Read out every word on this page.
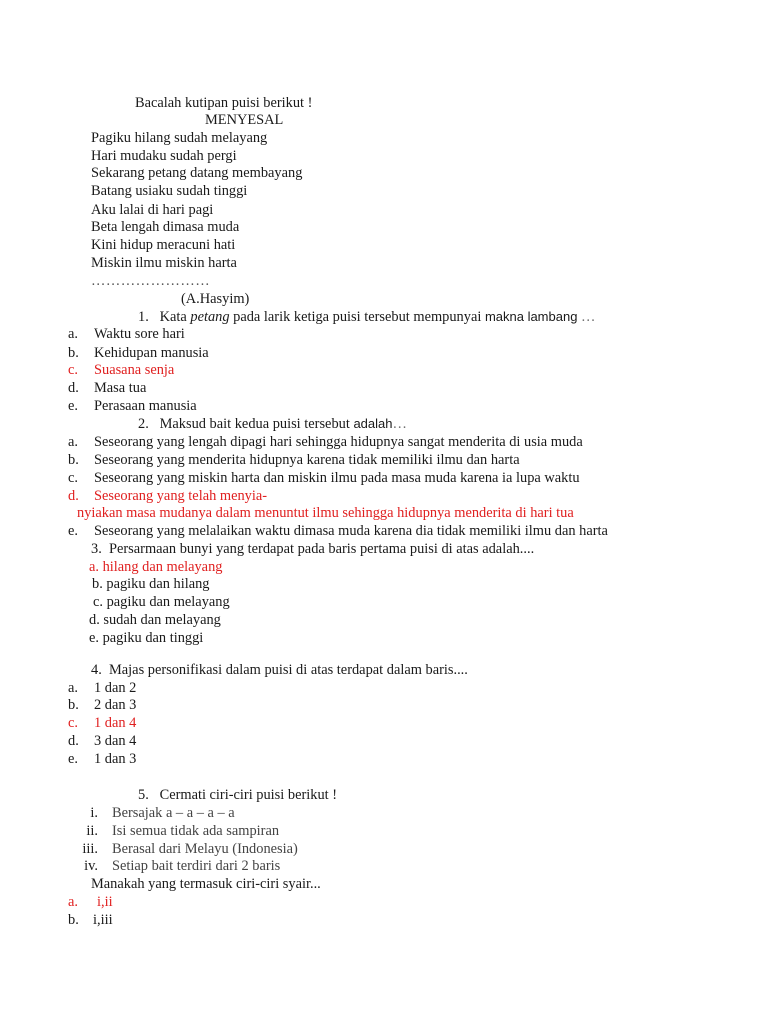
Bacalah kutipan puisi berikut !
MENYESAL
Pagiku hilang sudah melayang
Hari mudaku sudah pergi
Sekarang petang datang membayang
Batang usiaku sudah tinggi
Aku lalai di hari pagi
Beta lengah dimasa muda
Kini hidup meracuni hati
Miskin ilmu miskin harta
……………………
(A.Hasyim)
1. Kata petang pada larik ketiga puisi tersebut mempunyai makna lambang …
a. Waktu sore hari
b. Kehidupan manusia
c. Suasana senja
d. Masa tua
e. Perasaan manusia
2. Maksud bait kedua puisi tersebut adalah…
a. Seseorang yang lengah dipagi hari sehingga hidupnya sangat menderita di usia muda
b. Seseorang yang menderita hidupnya karena tidak memiliki ilmu dan harta
c. Seseorang yang miskin harta dan miskin ilmu pada masa muda karena ia lupa waktu
d. Seseorang yang telah menyia-
nyiakan masa mudanya dalam menuntut ilmu sehingga hidupnya menderita di hari tua
e. Seseorang yang melalaikan waktu dimasa muda karena dia tidak memiliki ilmu dan harta
3. Persarmaan bunyi yang terdapat pada baris pertama puisi di atas adalah....
a. hilang dan melayang
b. pagiku dan hilang
c. pagiku dan melayang
d. sudah dan melayang
e. pagiku dan tinggi
4. Majas personifikasi dalam puisi di atas terdapat dalam baris....
a. 1 dan 2
b. 2 dan 3
c. 1 dan 4
d. 3 dan 4
e. 1 dan 3
5. Cermati ciri-ciri puisi berikut !
i. Bersajak a – a – a – a
ii. Isi semua tidak ada sampiran
iii. Berasal dari Melayu (Indonesia)
iv. Setiap bait terdiri dari 2 baris
Manakah yang termasuk ciri-ciri syair...
a. i,ii
b. i,iii
